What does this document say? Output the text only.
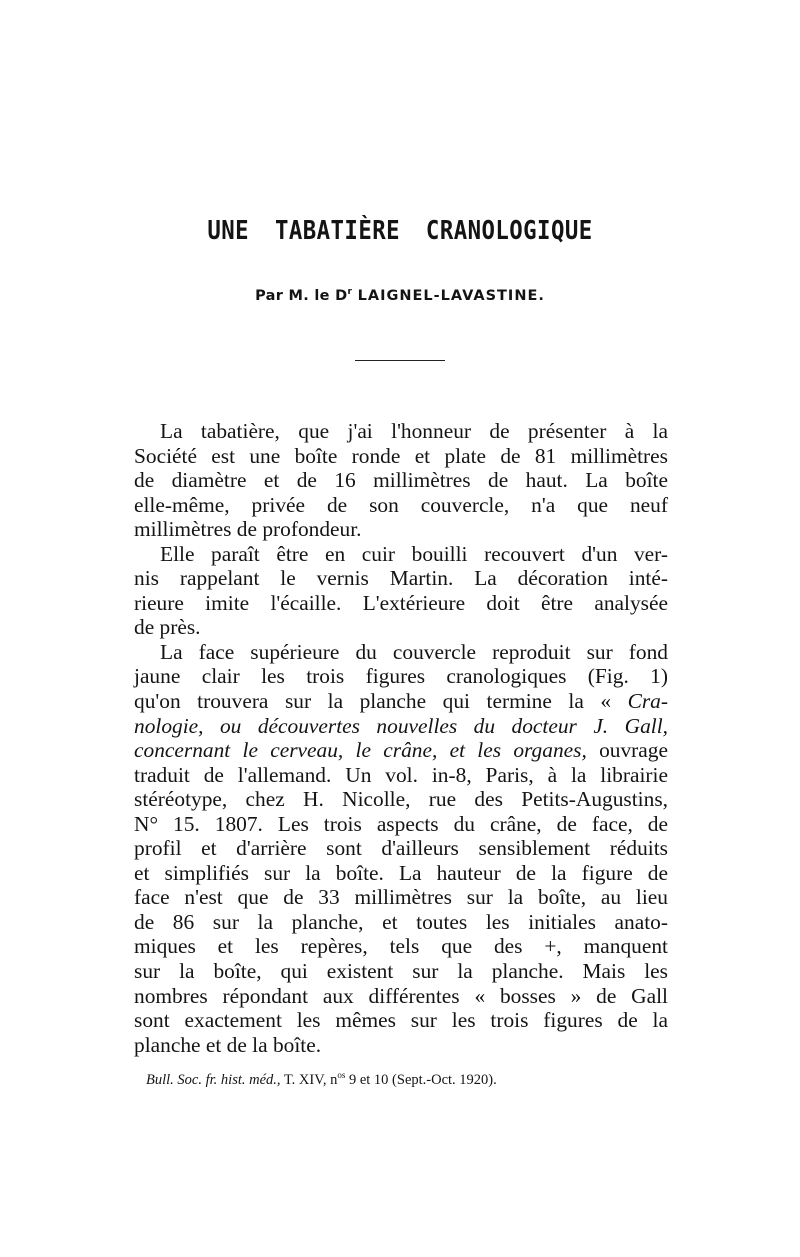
UNE TABATIÈRE CRANOLOGIQUE

Par M. le $D^r$ LAIGNEL-LAVASTINE.

La tabatière, que j'ai l'honneur de présenter à la
Société est une boîte ronde et plate de 81 millimètres
de diamètre et de 16 millimètres de haut. La boîte
elle-même, privée de son couvercle, n'a que neuf
millimètres de profondeur.
Elle paraît être en cuir bouilli recouvert d'un ver-
nis rappelant le vernis Martin. La décoration inté-
rieure imite l'écaille. L'extérieure doit être analysée
de près.
La face supérieure du couvercle reproduit sur fond
jaune clair les trois figures cranologiques (Fig. 1)
qu'on trouvera sur la planche qui termine la « Cra-
nologie, ou découvertes nouvelles du docteur J. Gall,
concernant le cerveau, le crâne, et les organes, ouvrage
traduit de l'allemand. Un vol. in-8, Paris, à la librairie
stéréotype, chez H. Nicolle, rue des Petits-Augustins,
N° 15. 1807. Les trois aspects du crâne, de face, de
profil et d'arrière sont d'ailleurs sensiblement réduits
et simplifiés sur la boîte. La hauteur de la figure de
face n'est que de 33 millimètres sur la boîte, au lieu
de 86 sur la planche, et toutes les initiales anato-
miques et les repères, tels que des +, manquent
sur la boîte, qui existent sur la planche. Mais les
nombres répondant aux différentes « bosses » de Gall
sont exactement les mêmes sur les trois figures de la
planche et de la boîte.

Bull. Soc. fr. hist. méd., T. XIV, $n^{os}$ 9 et 10 (Sept.-Oct. 1920).
